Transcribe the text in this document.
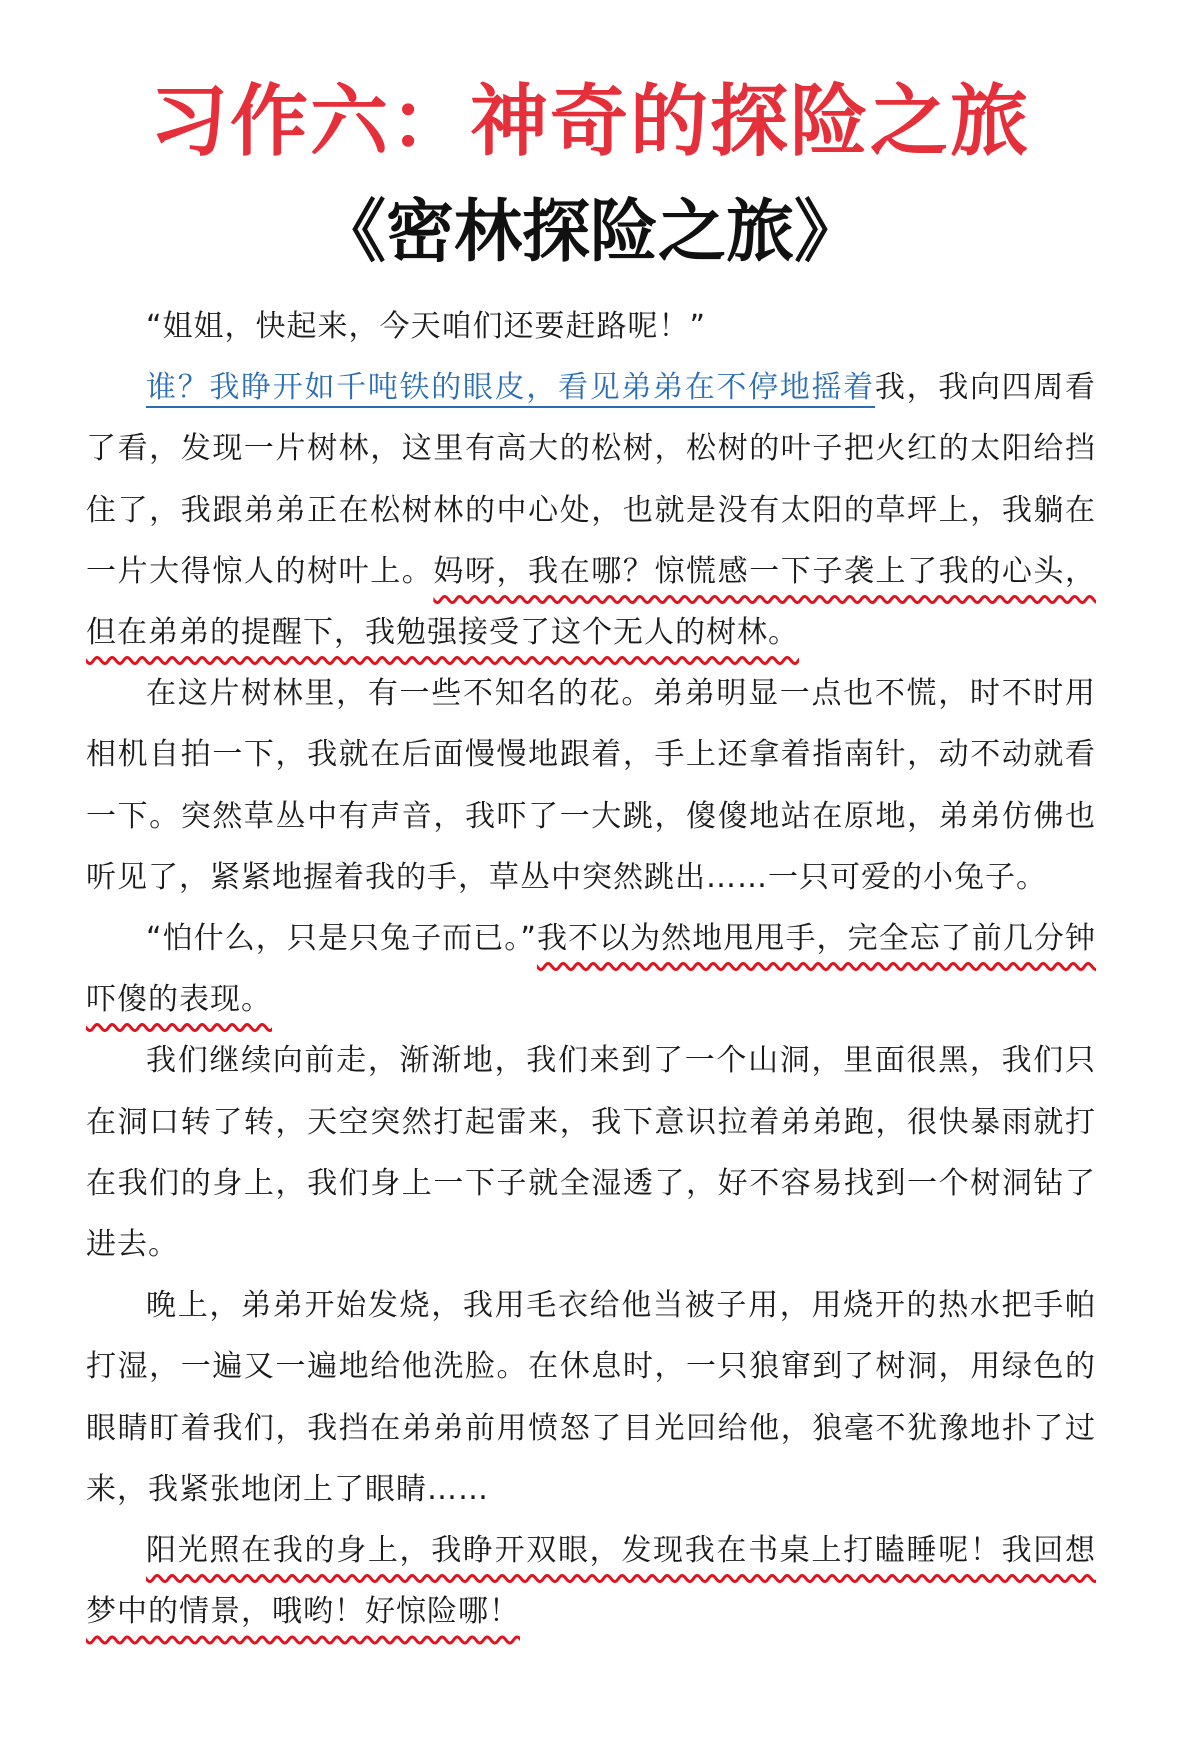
习作六：神奇的探险之旅
《密林探险之旅》

“姐姐，快起来，今天咱们还要赶路呢！”

谁？我睁开如千吨铁的眼皮，看见弟弟在不停地摇着我，我向四周看了看，发现一片树林，这里有高大的松树，松树的叶子把火红的太阳给挡住了，我跟弟弟正在松树林的中心处，也就是没有太阳的草坪上，我躺在一片大得惊人的树叶上。妈呀，我在哪？惊慌感一下子袭上了我的心头，但在弟弟的提醒下，我勉强接受了这个无人的树林。

在这片树林里，有一些不知名的花。弟弟明显一点也不慌，时不时用相机自拍一下，我就在后面慢慢地跟着，手上还拿着指南针，动不动就看一下。突然草丛中有声音，我吓了一大跳，傻傻地站在原地，弟弟仿佛也听见了，紧紧地握着我的手，草丛中突然跳出……一只可爱的小兔子。

“怕什么，只是只兔子而已。”我不以为然地甩甩手，完全忘了前几分钟吓傻的表现。

我们继续向前走，渐渐地，我们来到了一个山洞，里面很黑，我们只在洞口转了转，天空突然打起雷来，我下意识拉着弟弟跑，很快暴雨就打在我们的身上，我们身上一下子就全湿透了，好不容易找到一个树洞钻了进去。

晚上，弟弟开始发烧，我用毛衣给他当被子用，用烧开的热水把手帕打湿，一遍又一遍地给他洗脸。在休息时，一只狼窜到了树洞，用绿色的眼睛盯着我们，我挡在弟弟前用愤怒了目光回给他，狼毫不犹豫地扑了过来，我紧张地闭上了眼睛……

阳光照在我的身上，我睁开双眼，发现我在书桌上打瞌睡呢！我回想梦中的情景，哦哟！好惊险哪！
